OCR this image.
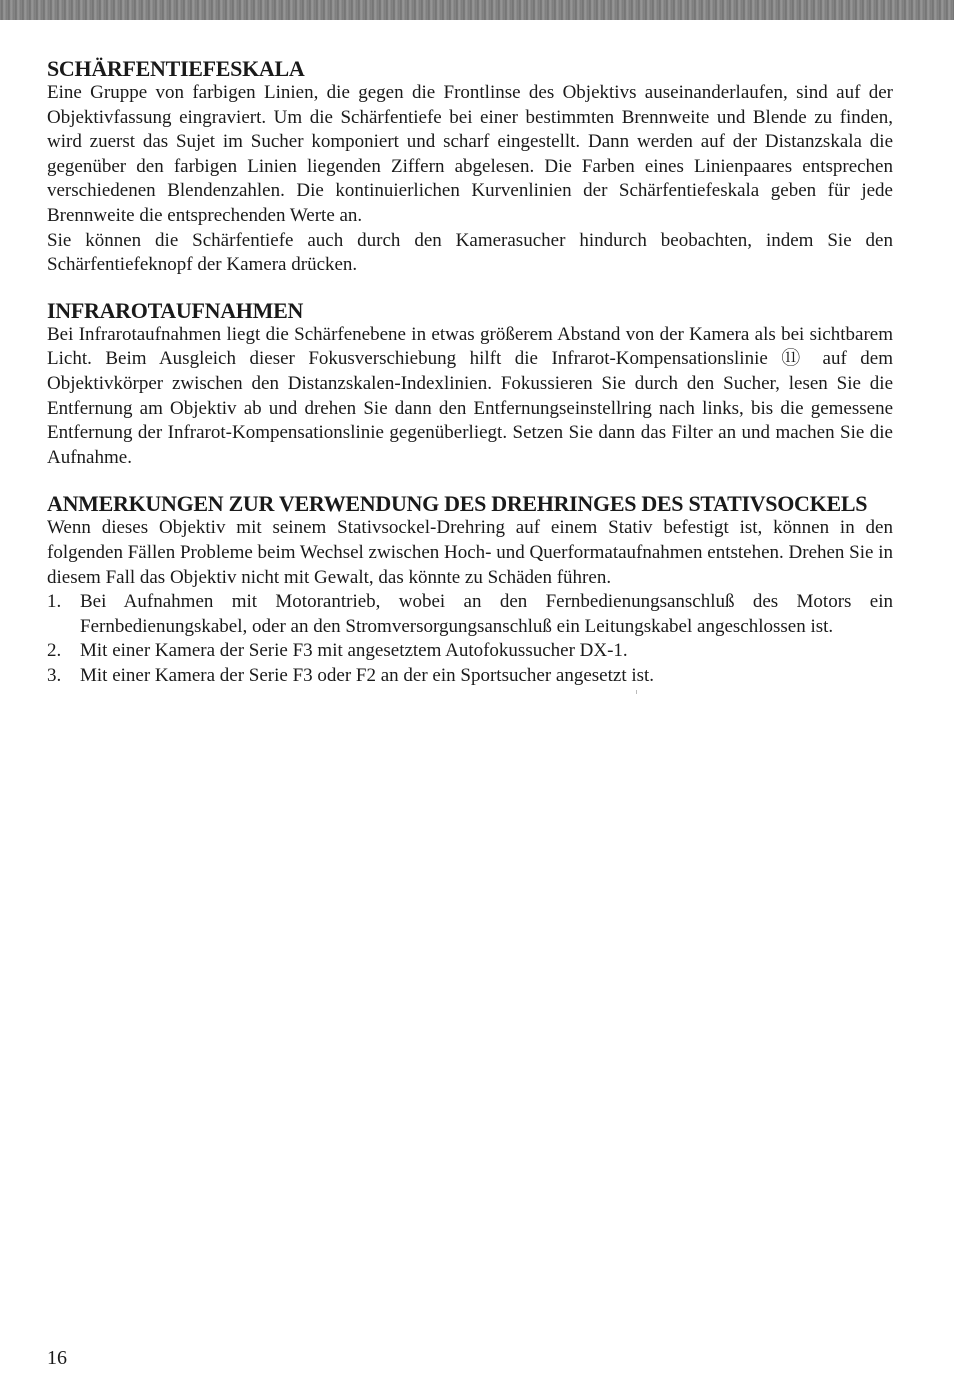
SCHÄRFENTIEFESKALA

Eine Gruppe von farbigen Linien, die gegen die Frontlinse des Objektivs auseinanderlaufen, sind auf der Objektivfassung eingraviert. Um die Schärfentiefe bei einer bestimmten Brennweite und Blende zu finden, wird zuerst das Sujet im Sucher komponiert und scharf eingestellt. Dann werden auf der Distanzskala die gegenüber den farbigen Linien liegenden Ziffern abgelesen. Die Farben eines Linienpaares entsprechen verschiedenen Blendenzahlen. Die kontinuierlichen Kurvenlinien der Schärfentiefeskala geben für jede Brennweite die entsprechenden Werte an.

Sie können die Schärfentiefe auch durch den Kamerasucher hindurch beobachten, indem Sie den Schärfentiefeknopf der Kamera drücken.

INFRAROTAUFNAHMEN

Bei Infrarotaufnahmen liegt die Schärfenebene in etwas größerem Abstand von der Kamera als bei sichtbarem Licht. Beim Ausgleich dieser Fokusverschiebung hilft die Infrarot-Kompensationslinie ⑪ auf dem Objektivkörper zwischen den Distanzskalen-Indexlinien. Fokussieren Sie durch den Sucher, lesen Sie die Entfernung am Objektiv ab und drehen Sie dann den Entfernungseinstellring nach links, bis die gemessene Entfernung der Infrarot-Kompensationslinie gegenüberliegt. Setzen Sie dann das Filter an und machen Sie die Aufnahme.

ANMERKUNGEN ZUR VERWENDUNG DES DREHRINGES DES STATIVSOCKELS

Wenn dieses Objektiv mit seinem Stativsockel-Drehring auf einem Stativ befestigt ist, können in den folgenden Fällen Probleme beim Wechsel zwischen Hoch- und Querformataufnahmen entstehen. Drehen Sie in diesem Fall das Objektiv nicht mit Gewalt, das könnte zu Schäden führen.

1. Bei Aufnahmen mit Motorantrieb, wobei an den Fernbedienungsanschluß des Motors ein Fernbedienungskabel, oder an den Stromversorgungsanschluß ein Leitungskabel angeschlossen ist.
2. Mit einer Kamera der Serie F3 mit angesetztem Autofokussucher DX-1.
3. Mit einer Kamera der Serie F3 oder F2 an der ein Sportsucher angesetzt ist.
16
